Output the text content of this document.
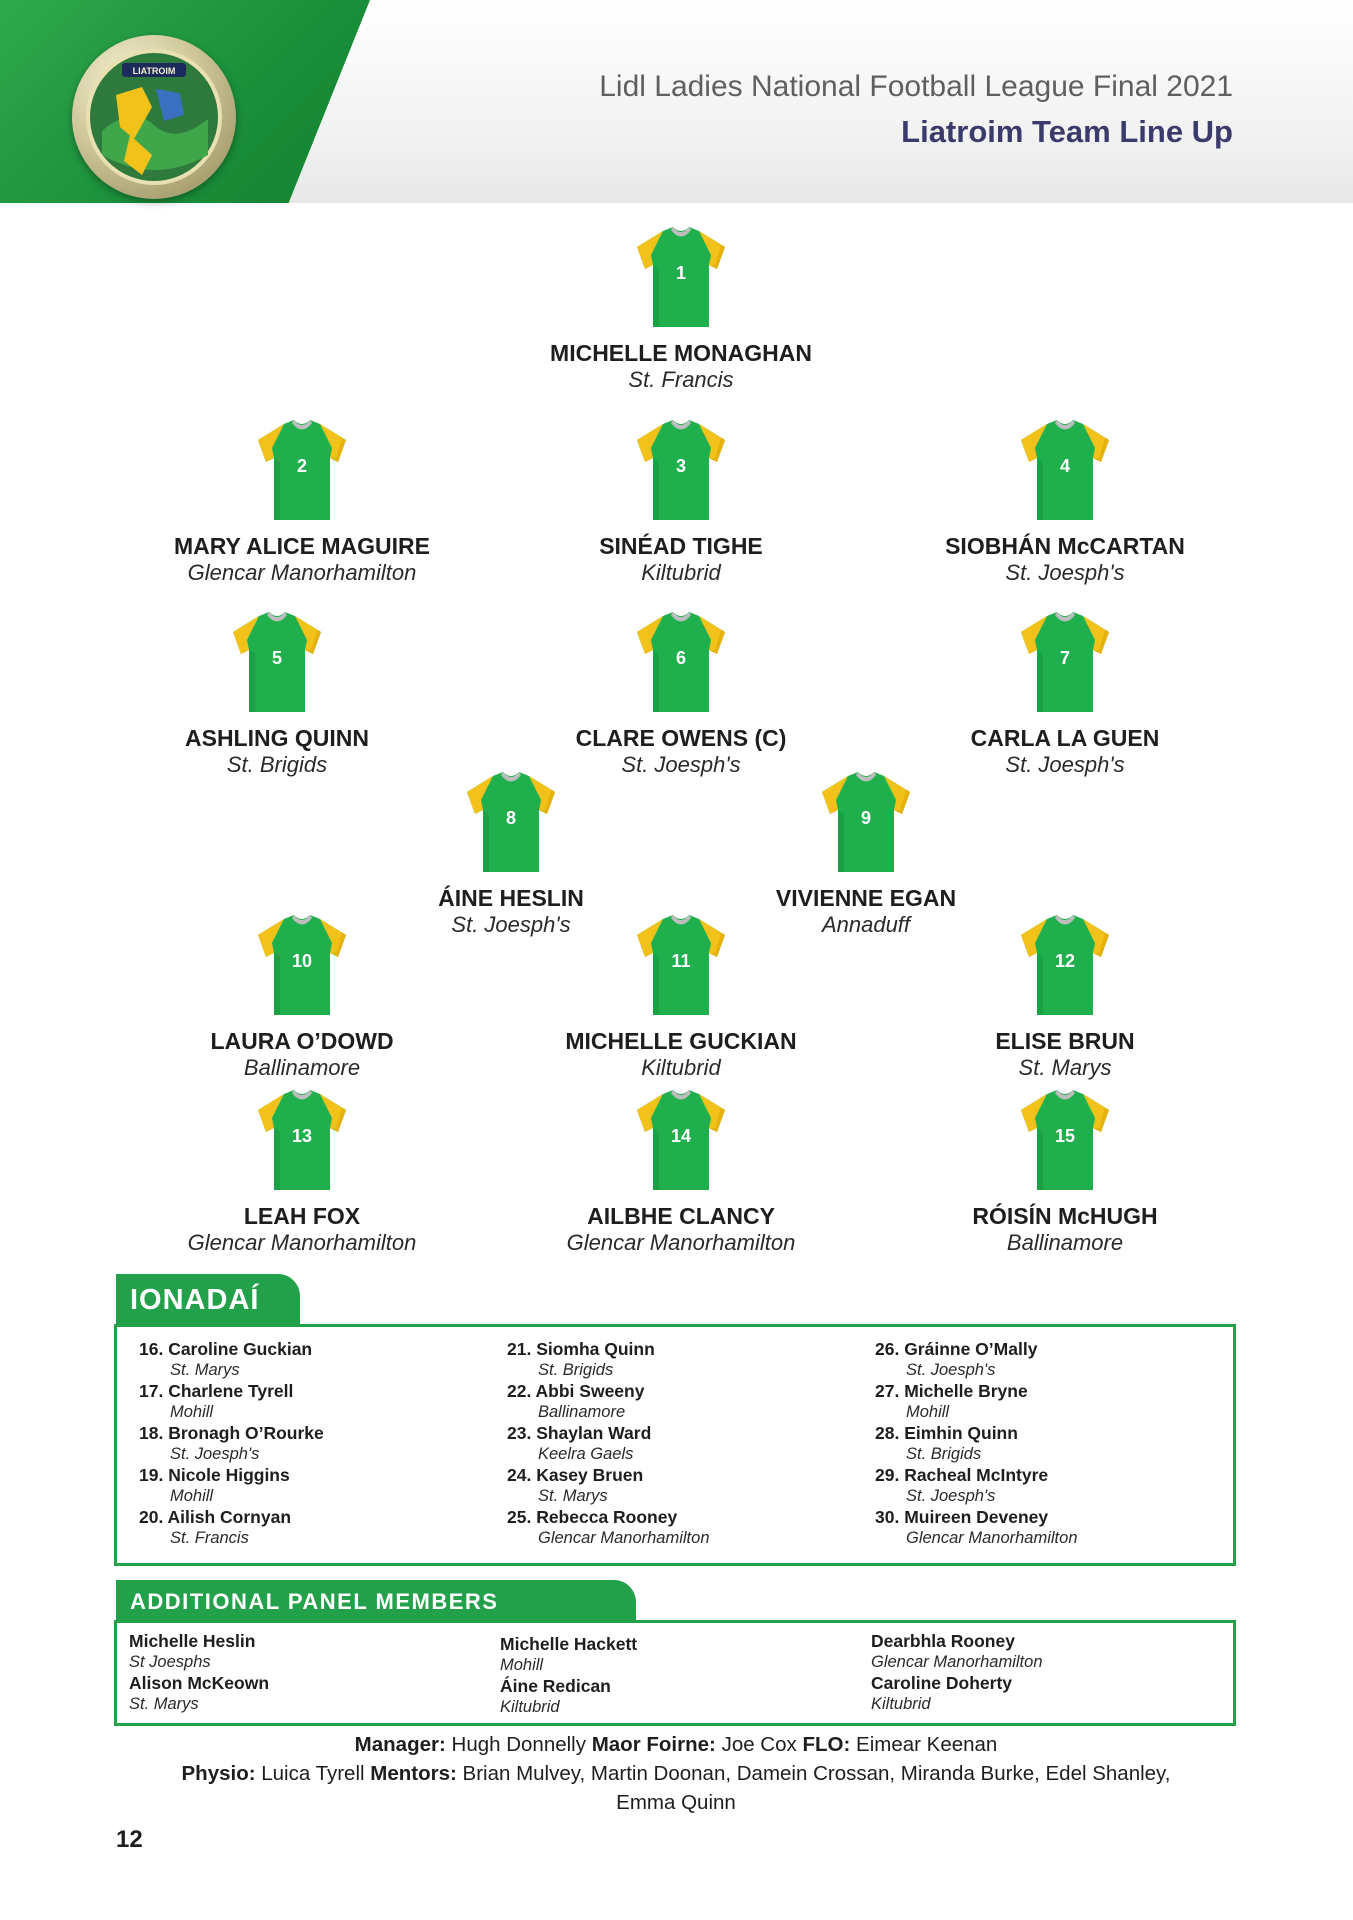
LIATROIM	Lidl Ladies National Football League Final 2021
Liatroim Team Line Up
1
MICHELLE MONAGHAN
St. Francis
2
MARY ALICE MAGUIRE
Glencar Manorhamilton
3
SINÉAD TIGHE
Kiltubrid
4
SIOBHÁN McCARTAN
St. Joesph's
5
ASHLING QUINN
St. Brigids
6
CLARE OWENS (C)
St. Joesph's
7
CARLA LA GUEN
St. Joesph's
8
ÁINE HESLIN
St. Joesph's
9
VIVIENNE EGAN
Annaduff
10
LAURA O’DOWD
Ballinamore
11
MICHELLE GUCKIAN
Kiltubrid
12
ELISE BRUN
St. Marys
13
LEAH FOX
Glencar Manorhamilton
14
AILBHE CLANCY
Glencar Manorhamilton
15
RÓISÍN McHUGH
Ballinamore
IONADAÍ
16. Caroline Guckian
St. Marys
17. Charlene Tyrell
Mohill
18. Bronagh O’Rourke
St. Joesph's
19. Nicole Higgins
Mohill
20. Ailish Cornyan
St. Francis
21. Siomha Quinn
St. Brigids
22. Abbi Sweeny
Ballinamore
23. Shaylan Ward
Keelra Gaels
24. Kasey Bruen
St. Marys
25. Rebecca Rooney
Glencar Manorhamilton
26. Gráinne O’Mally
St. Joesph's
27. Michelle Bryne
Mohill
28. Eimhin Quinn
St. Brigids
29. Racheal McIntyre
St. Joesph's
30. Muireen Deveney
Glencar Manorhamilton
ADDITIONAL PANEL MEMBERS
Michelle Heslin
St Joesphs
Alison McKeown
St. Marys
Michelle Hackett
Mohill
Áine Redican
Kiltubrid
Dearbhla Rooney
Glencar Manorhamilton
Caroline Doherty
Kiltubrid
Manager: Hugh Donnelly Maor Foirne: Joe Cox FLO: Eimear Keenan
Physio: Luica Tyrell Mentors: Brian Mulvey, Martin Doonan, Damein Crossan, Miranda Burke, Edel Shanley, Emma Quinn
12
